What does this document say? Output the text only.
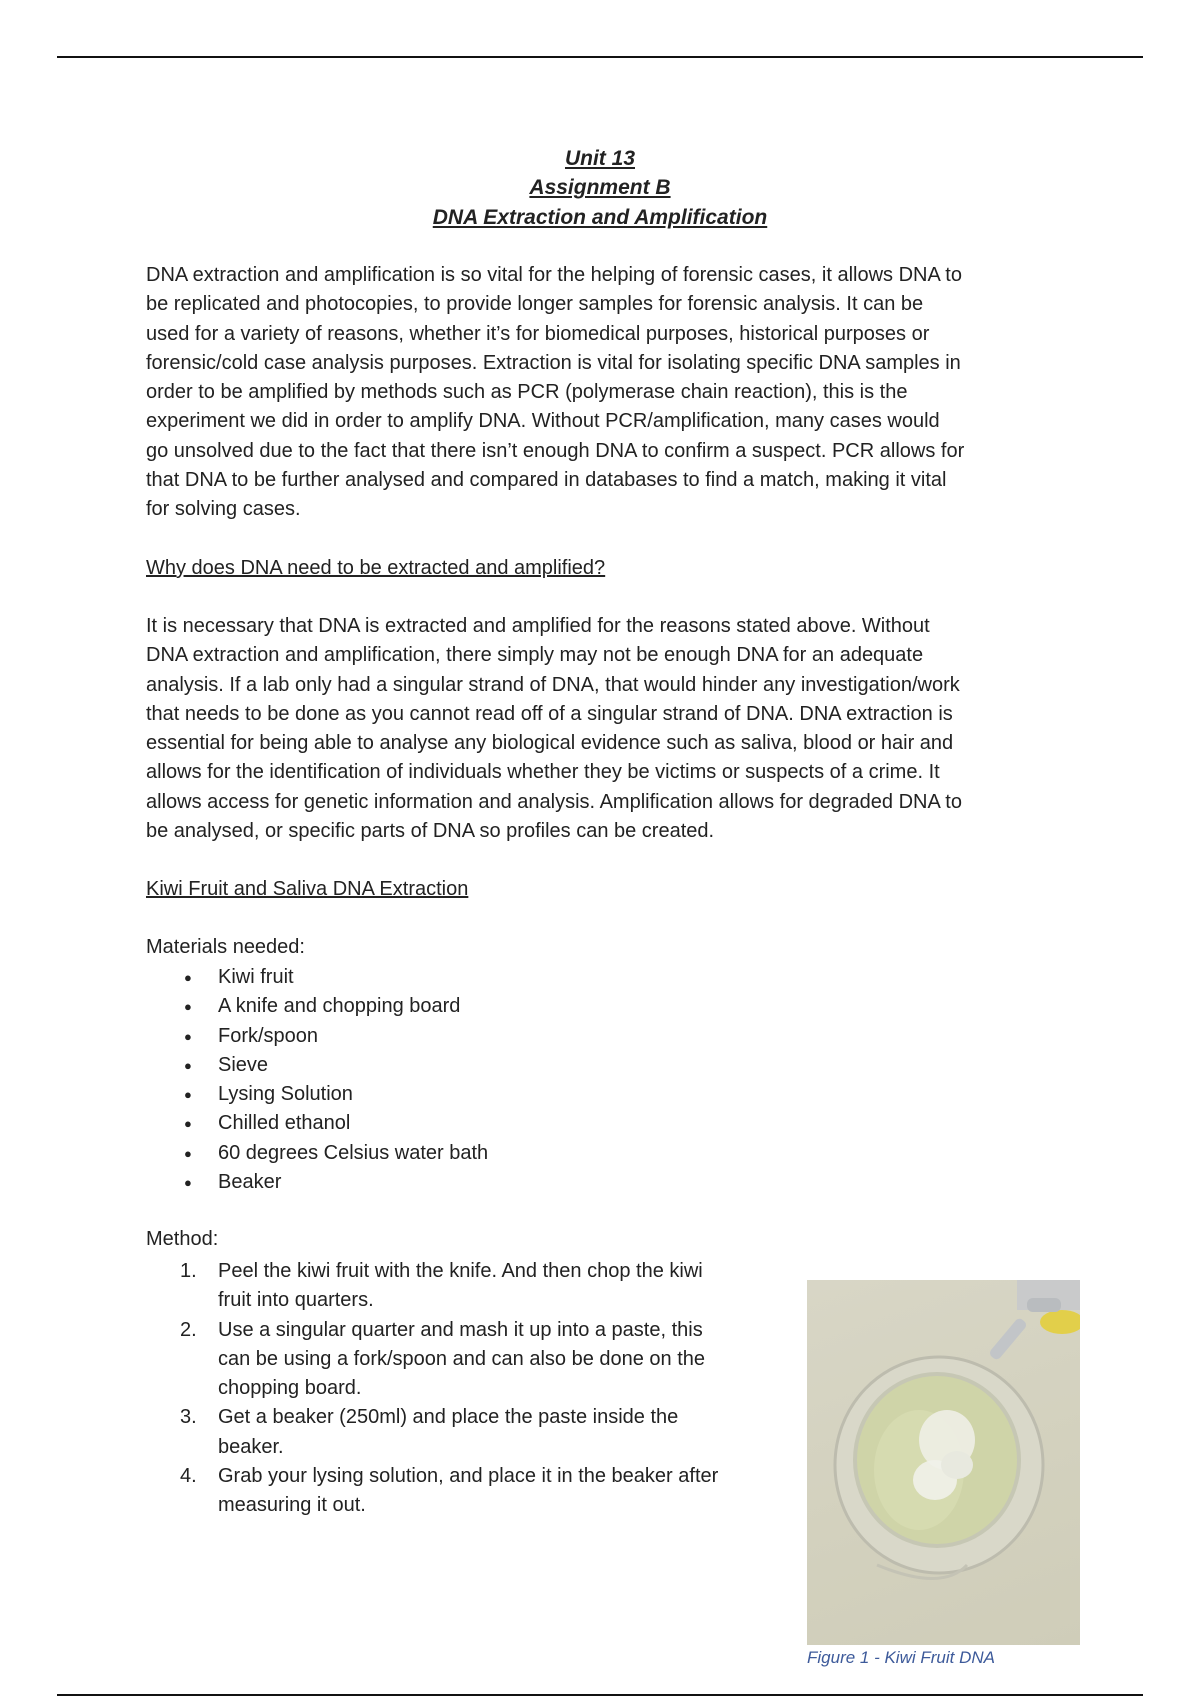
Unit 13
Assignment B
DNA Extraction and Amplification
DNA extraction and amplification is so vital for the helping of forensic cases, it allows DNA to
be replicated and photocopies, to provide longer samples for forensic analysis. It can be
used for a variety of reasons, whether it’s for biomedical purposes, historical purposes or
forensic/cold case analysis purposes. Extraction is vital for isolating specific DNA samples in
order to be amplified by methods such as PCR (polymerase chain reaction), this is the
experiment we did in order to amplify DNA. Without PCR/amplification, many cases would
go unsolved due to the fact that there isn’t enough DNA to confirm a suspect. PCR allows for
that DNA to be further analysed and compared in databases to find a match, making it vital
for solving cases.
Why does DNA need to be extracted and amplified?
It is necessary that DNA is extracted and amplified for the reasons stated above. Without
DNA extraction and amplification, there simply may not be enough DNA for an adequate
analysis. If a lab only had a singular strand of DNA, that would hinder any investigation/work
that needs to be done as you cannot read off of a singular strand of DNA. DNA extraction is
essential for being able to analyse any biological evidence such as saliva, blood or hair and
allows for the identification of individuals whether they be victims or suspects of a crime. It
allows access for genetic information and analysis. Amplification allows for degraded DNA to
be analysed, or specific parts of DNA so profiles can be created.
Kiwi Fruit and Saliva DNA Extraction
Materials needed:
● Kiwi fruit
● A knife and chopping board
● Fork/spoon
● Sieve
● Lysing Solution
● Chilled ethanol
● 60 degrees Celsius water bath
● Beaker
Method:
1. Peel the kiwi fruit with the knife. And then chop the kiwi
fruit into quarters.
2. Use a singular quarter and mash it up into a paste, this
can be using a fork/spoon and can also be done on the
chopping board.
3. Get a beaker (250ml) and place the paste inside the
beaker.
4. Grab your lysing solution, and place it in the beaker after
measuring it out.
Figure 1 - Kiwi Fruit DNA
